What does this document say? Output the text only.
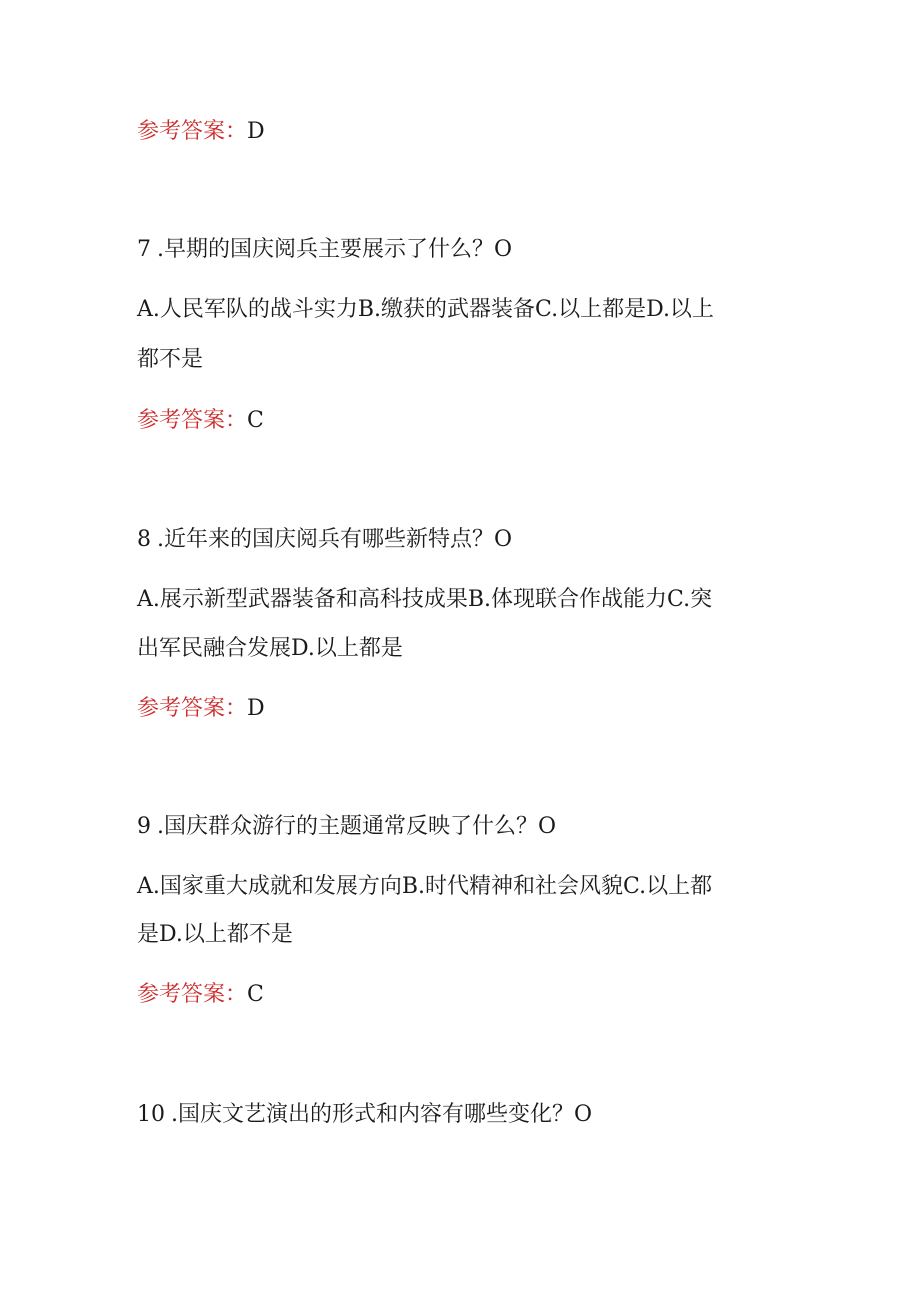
参考答案：D
7 .早期的国庆阅兵主要展示了什么？O
A.人民军队的战斗实力B.缴获的武器装备C.以上都是D.以上
都不是
参考答案：C
8 .近年来的国庆阅兵有哪些新特点？O
A.展示新型武器装备和高科技成果B.体现联合作战能力C.突
出军民融合发展D.以上都是
参考答案：D
9 .国庆群众游行的主题通常反映了什么？O
A.国家重大成就和发展方向B.时代精神和社会风貌C.以上都
是D.以上都不是
参考答案：C
10 .国庆文艺演出的形式和内容有哪些变化？O
